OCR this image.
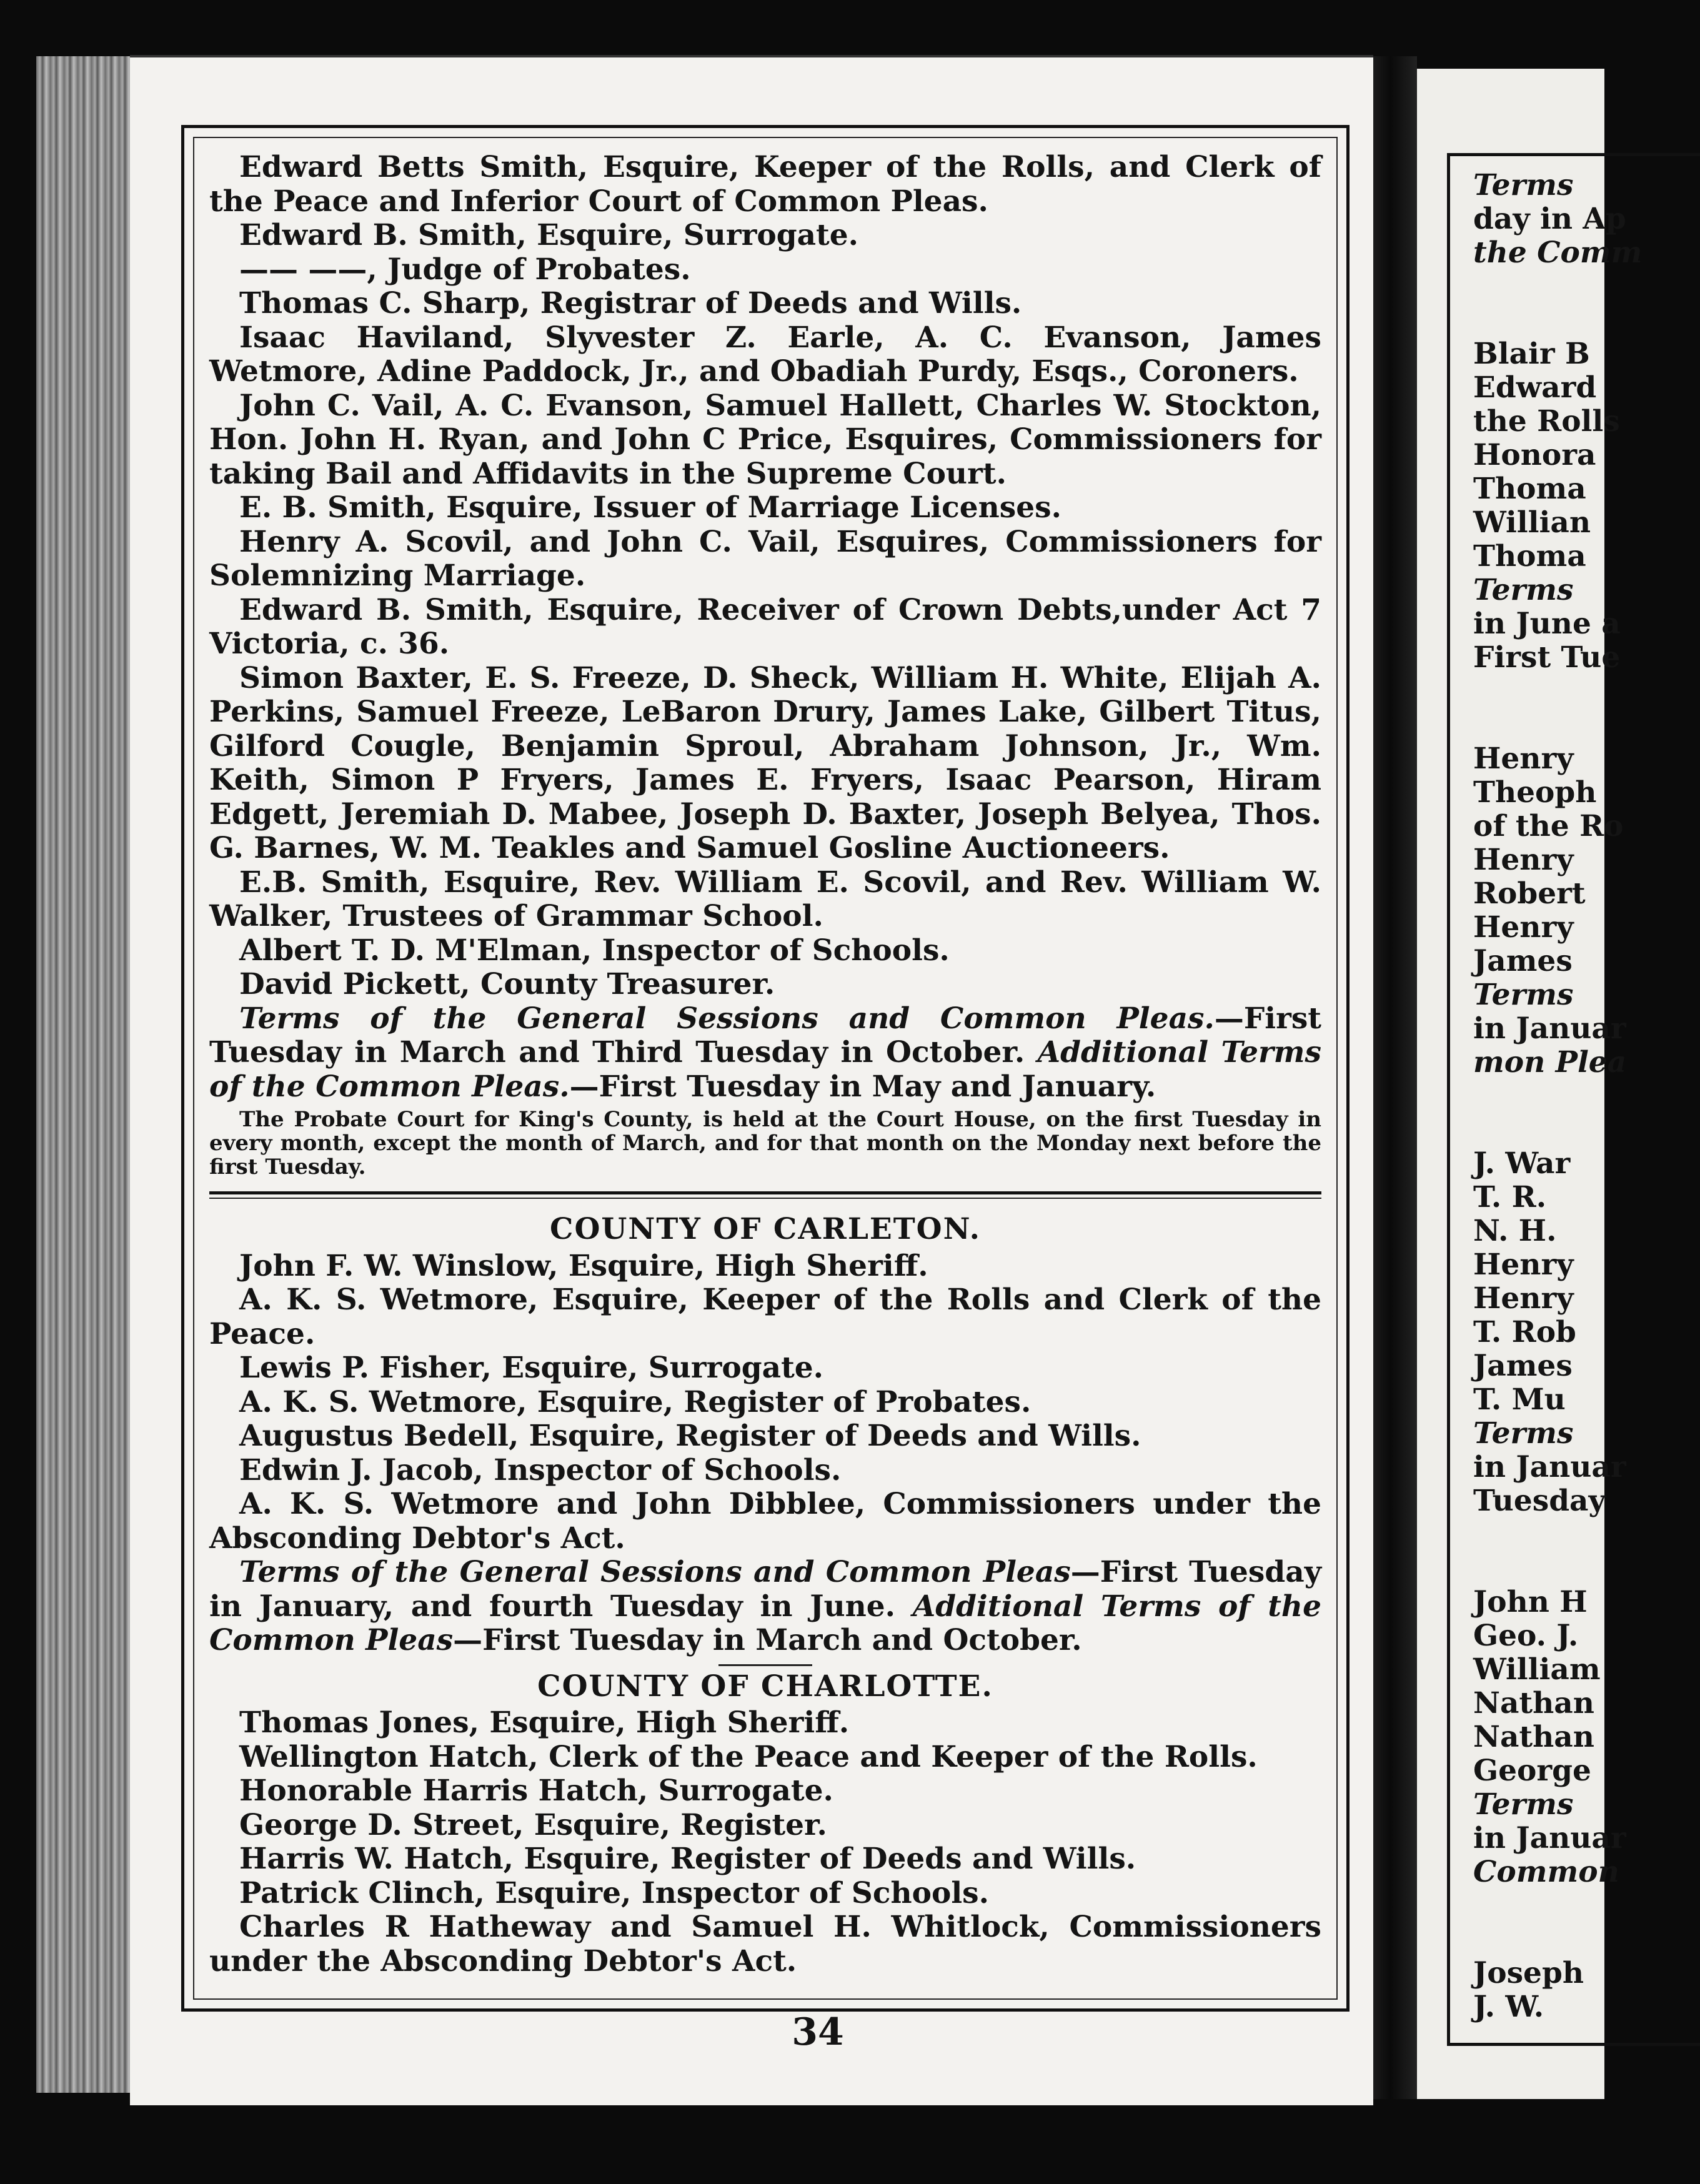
Terms
day in Ap
the Comm
Blair B
Edward
the Rolls
Honora
Thoma
Willian
Thoma
Terms
in June a
First Tue
Henry
Theoph
of the Ro
Henry
Robert
Henry
James
Terms
in Januar
mon Plea
J. War
T. R.
N. H.
Henry
Henry
T. Rob
James
T. Mu
Terms
in Januar
Tuesday
John H
Geo. J.
William
Nathan
Nathan
George
Terms
in Januar
Common
Joseph
J. W.

Edward Betts Smith, Esquire, Keeper of the Rolls, and Clerk of the Peace and Inferior Court of Common Pleas.

Edward B. Smith, Esquire, Surrogate.

—— ——, Judge of Probates.

Thomas C. Sharp, Registrar of Deeds and Wills.

Isaac Haviland, Slyvester Z. Earle, A. C. Evanson, James Wetmore, Adine Paddock, Jr., and Obadiah Purdy, Esqs., Coroners.

John C. Vail, A. C. Evanson, Samuel Hallett, Charles W. Stockton, Hon. John H. Ryan, and John C Price, Esquires, Commissioners for taking Bail and Affidavits in the Supreme Court.

E. B. Smith, Esquire, Issuer of Marriage Licenses.

Henry A. Scovil, and John C. Vail, Esquires, Commissioners for Solemnizing Marriage.

Edward B. Smith, Esquire, Receiver of Crown Debts,under Act 7 Victoria, c. 36.

Simon Baxter, E. S. Freeze, D. Sheck, William H. White, Elijah A. Perkins, Samuel Freeze, LeBaron Drury, James Lake, Gilbert Titus, Gilford Cougle, Benjamin Sproul, Abraham Johnson, Jr., Wm. Keith, Simon P Fryers, James E. Fryers, Isaac Pearson, Hiram Edgett, Jeremiah D. Mabee, Joseph D. Baxter, Joseph Belyea, Thos. G. Barnes, W. M. Teakles and Samuel Gosline Auctioneers.

E.B. Smith, Esquire, Rev. William E. Scovil, and Rev. William W. Walker, Trustees of Grammar School.

Albert T. D. M'Elman, Inspector of Schools.

David Pickett, County Treasurer.

Terms of the General Sessions and Common Pleas.—First Tuesday in March and Third Tuesday in October. Additional Terms of the Common Pleas.—First Tuesday in May and January.

The Probate Court for King's County, is held at the Court House, on the first Tuesday in every month, except the month of March, and for that month on the Monday next before the first Tuesday.

COUNTY OF CARLETON.

John F. W. Winslow, Esquire, High Sheriff.

A. K. S. Wetmore, Esquire, Keeper of the Rolls and Clerk of the Peace.

Lewis P. Fisher, Esquire, Surrogate.

A. K. S. Wetmore, Esquire, Register of Probates.

Augustus Bedell, Esquire, Register of Deeds and Wills.

Edwin J. Jacob, Inspector of Schools.

A. K. S. Wetmore and John Dibblee, Commissioners under the Absconding Debtor's Act.

Terms of the General Sessions and Common Pleas—First Tuesday in January, and fourth Tuesday in June. Additional Terms of the Common Pleas—First Tuesday in March and October.

COUNTY OF CHARLOTTE.

Thomas Jones, Esquire, High Sheriff.

Wellington Hatch, Clerk of the Peace and Keeper of the Rolls.

Honorable Harris Hatch, Surrogate.

George D. Street, Esquire, Register.

Harris W. Hatch, Esquire, Register of Deeds and Wills.

Patrick Clinch, Esquire, Inspector of Schools.

Charles R Hatheway and Samuel H. Whitlock, Commissioners under the Absconding Debtor's Act.

34
